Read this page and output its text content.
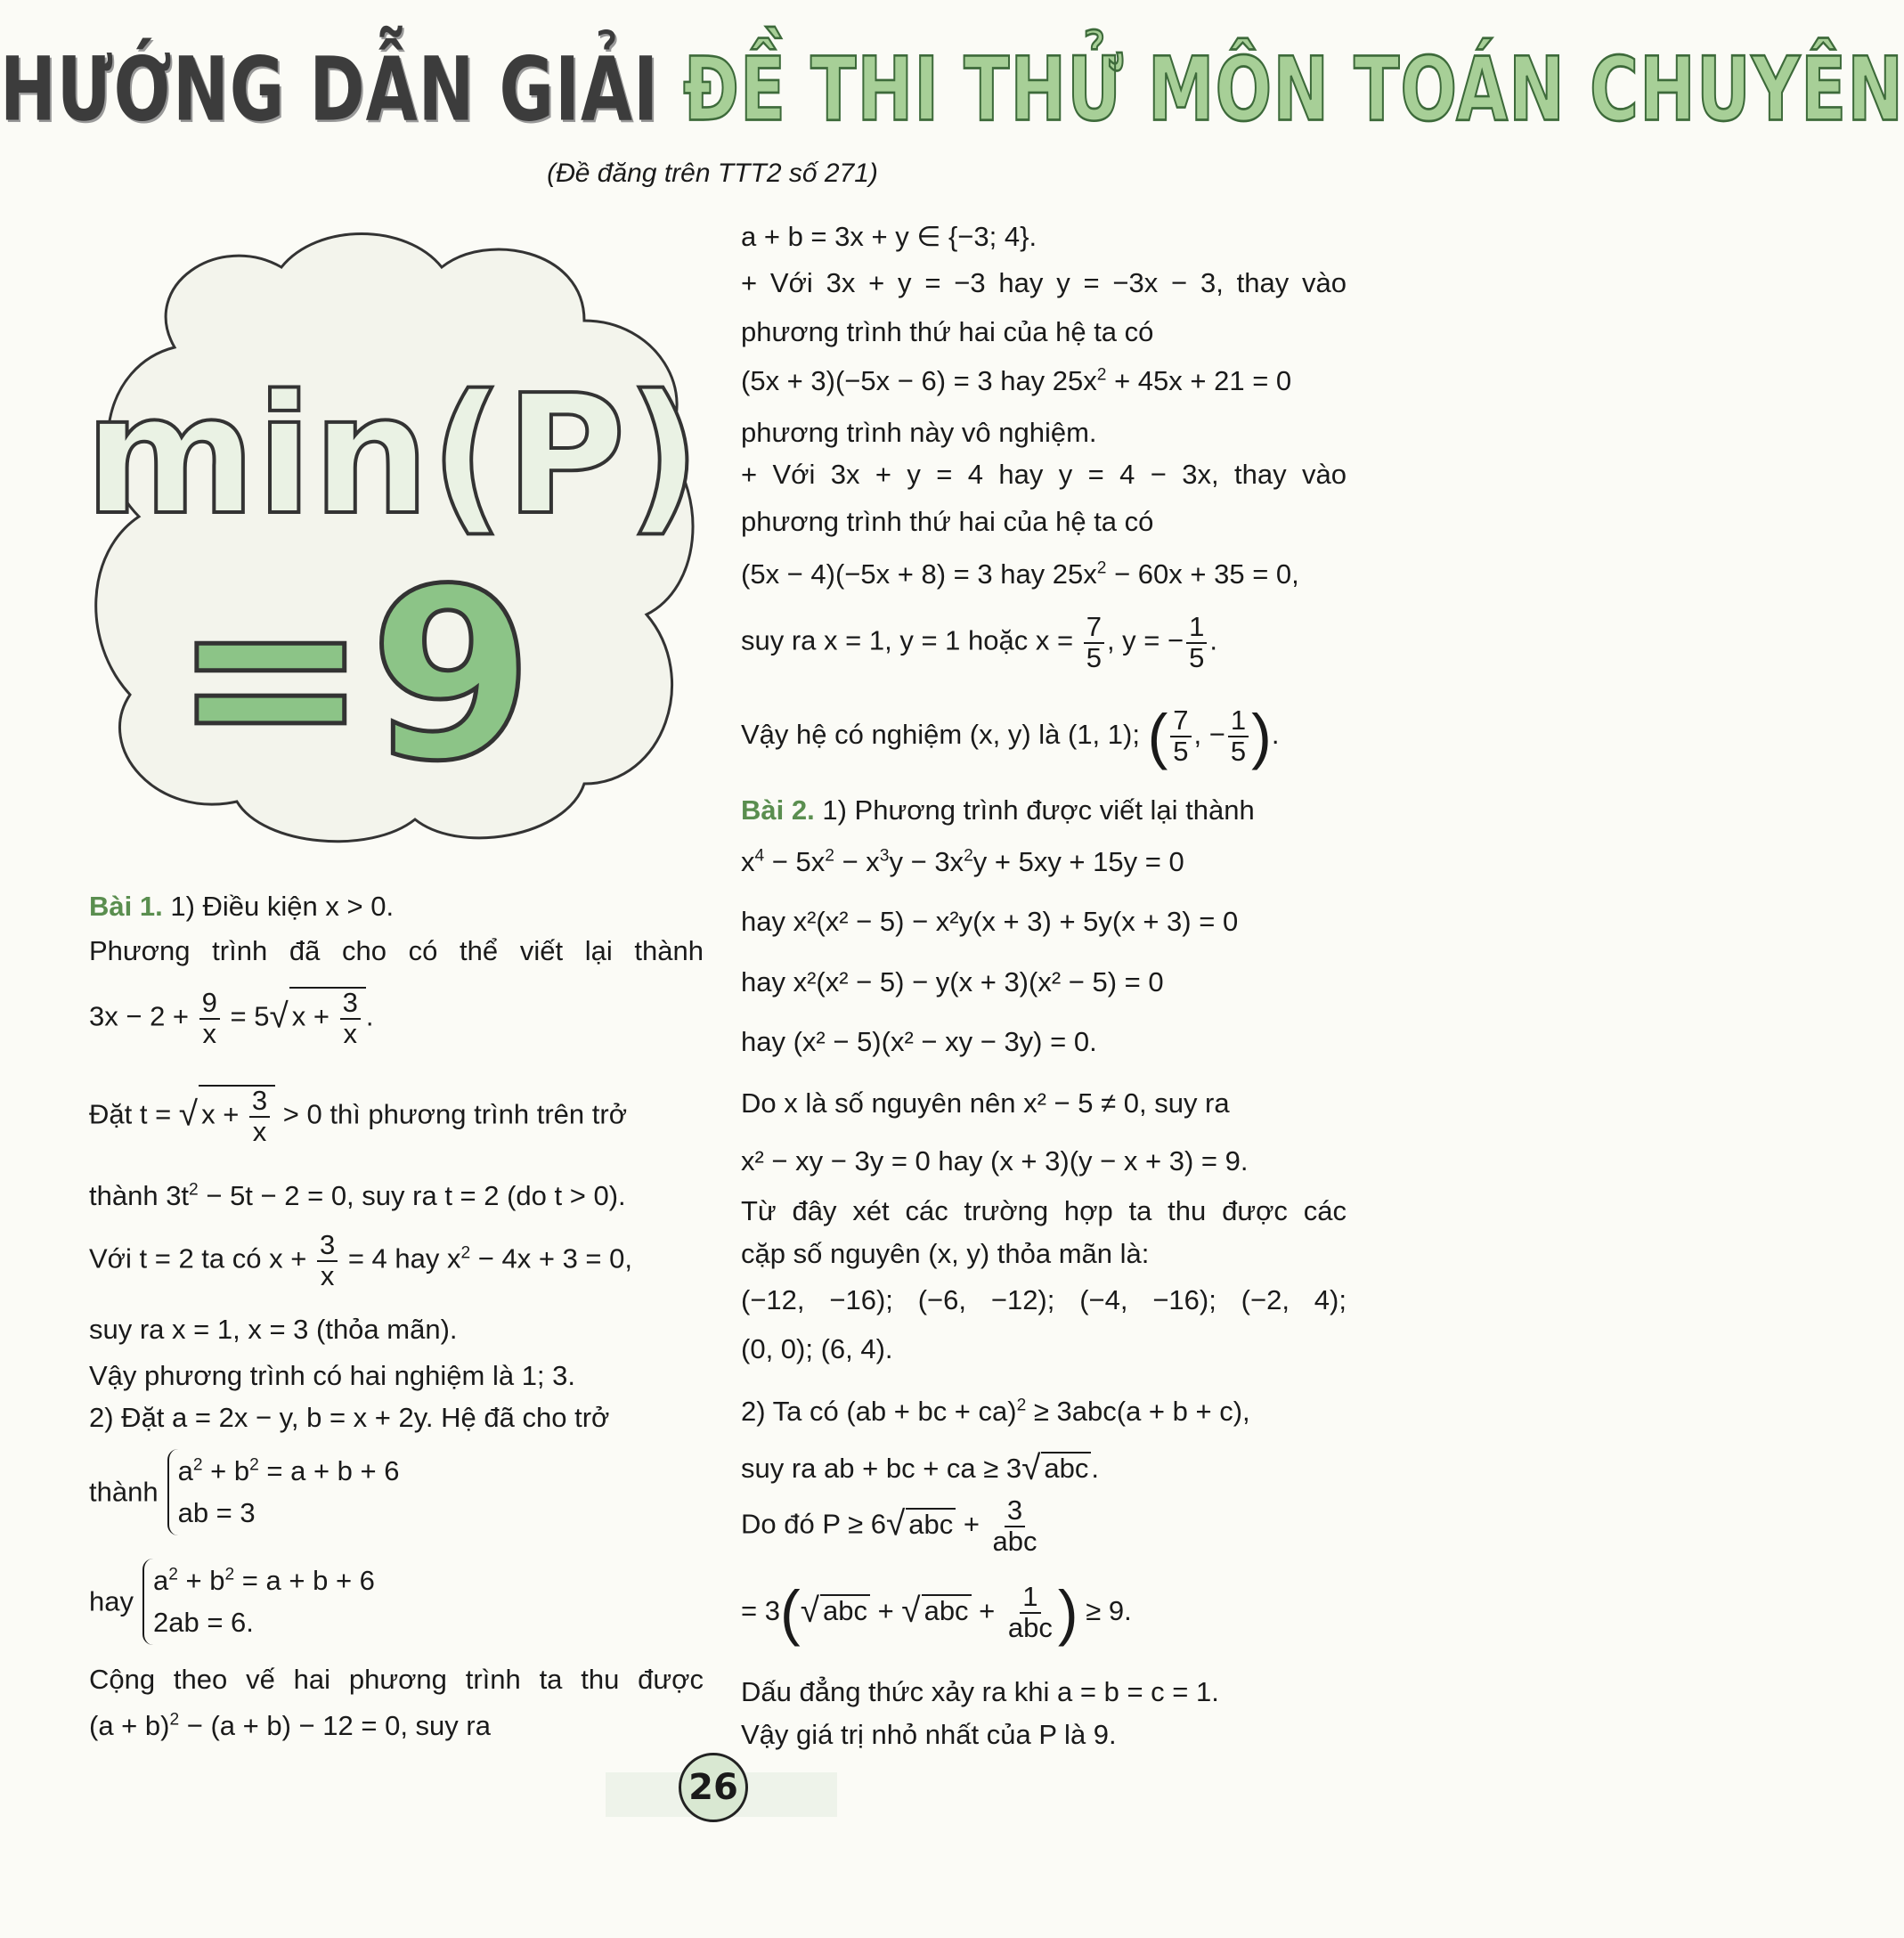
HƯỚNG DẪN GIẢI ĐỀ THI THỬ MÔN TOÁN CHUYÊN
(Đề đăng trên TTT2 số 271)
min(P)
=9
Bài 1. 1) Điều kiện x > 0.
Phương trình đã cho có thể viết lại thành
$3x - 2 + \frac{9}{x} = 5√$ $x + \frac{3}{x}$ .
Đặt t = √ $x + \frac{3}{x} > 0$ thì phương trình trên trở
thành $3t^2 - 5t - 2 = 0$, suy ra t = 2 (do t > 0).
Với t = 2 ta có $x + \frac{3}{x} = 4$ hay $x^2 - 4x + 3 = 0$,
suy ra x = 1, x = 3 (thỏa mãn).
Vậy phương trình có hai nghiệm là 1; 3.
2) Đặt a = 2x − y, b = x + 2y. Hệ đã cho trở
thànha$^2$ + $b^2 = a + b + 6$
ab = 3
haya$^2$ + $b^2 = a + b + 6$
2ab = 6.
Cộng theo vế hai phương trình ta thu được
$(a + b)^2 - (a + b) - 12 = 0$, suy ra
a + b = 3x + y ∈ {−3; 4}.
+ Với 3x + y = −3 hay y = −3x − 3, thay vào
phương trình thứ hai của hệ ta có
(5x + 3)(−5x − 6) = 3 hay $25x^2 + 45x + 21 = 0$
phương trình này vô nghiệm.
+ Với 3x + y = 4 hay y = 4 − 3x, thay vào
phương trình thứ hai của hệ ta có
(5x − 4)(−5x + 8) = 3 hay $25x^2 - 60x + 35 = 0$,
suy ra x = 1, y = 1 hoặc $x = \frac{7}{5}$ , y = − $\frac{1}{5}$ .
Vậy hệ có nghiệm (x, y) là (1, 1); ( $\frac{7}{5}$ , − $\frac{1}{5}$ ).
Bài 2. 1) Phương trình được viết lại thành
$x^4 - 5x^2 - x^3y - 3x^2y + 5xy + 15y = 0$
hay x²(x² − 5) − x²y(x + 3) + 5y(x + 3) = 0
hay x²(x² − 5) − y(x + 3)(x² − 5) = 0
hay (x² − 5)(x² − xy − 3y) = 0.
Do x là số nguyên nên x² − 5 ≠ 0, suy ra
x² − xy − 3y = 0 hay (x + 3)(y − x + 3) = 9.
Từ đây xét các trường hợp ta thu được các
cặp số nguyên (x, y) thỏa mãn là:
(−12, −16); (−6, −12); (−4, −16); (−2, 4);
(0, 0); (6, 4).
2) Ta có (ab + bc + ca)$^2$ ≥ 3abc(a + b + c),
suy ra ab + bc + ca ≥ 3√ abc.
Do đó P ≥ 6√ abc + $\frac{3}{\text{abc}}$
= 3(√ abc + √ abc + $\frac{1}{\text{abc}}$ ) ≥ 9.
Dấu đẳng thức xảy ra khi a = b = c = 1.
Vậy giá trị nhỏ nhất của P là 9.
26
